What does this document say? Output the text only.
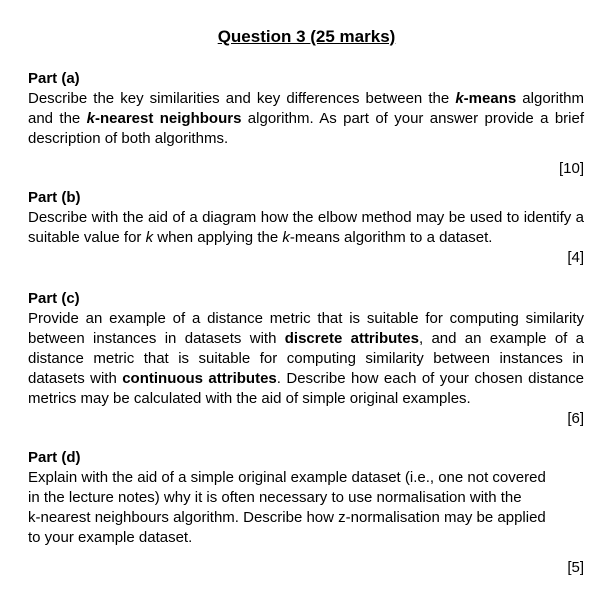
Question 3 (25 marks)
Part (a)
Describe the key similarities and key differences between the k-means algorithm and the k-nearest neighbours algorithm. As part of your answer provide a brief description of both algorithms.
[10]
Part (b)
Describe with the aid of a diagram how the elbow method may be used to identify a suitable value for k when applying the k-means algorithm to a dataset.
[4]
Part (c)
Provide an example of a distance metric that is suitable for computing similarity between instances in datasets with discrete attributes, and an example of a distance metric that is suitable for computing similarity between instances in datasets with continuous attributes. Describe how each of your chosen distance metrics may be calculated with the aid of simple original examples.
[6]
Part (d)
Explain with the aid of a simple original example dataset (i.e., one not covered
in the lecture notes) why it is often necessary to use normalisation with the
k-nearest neighbours algorithm. Describe how z-normalisation may be applied
to your example dataset.
[5]
